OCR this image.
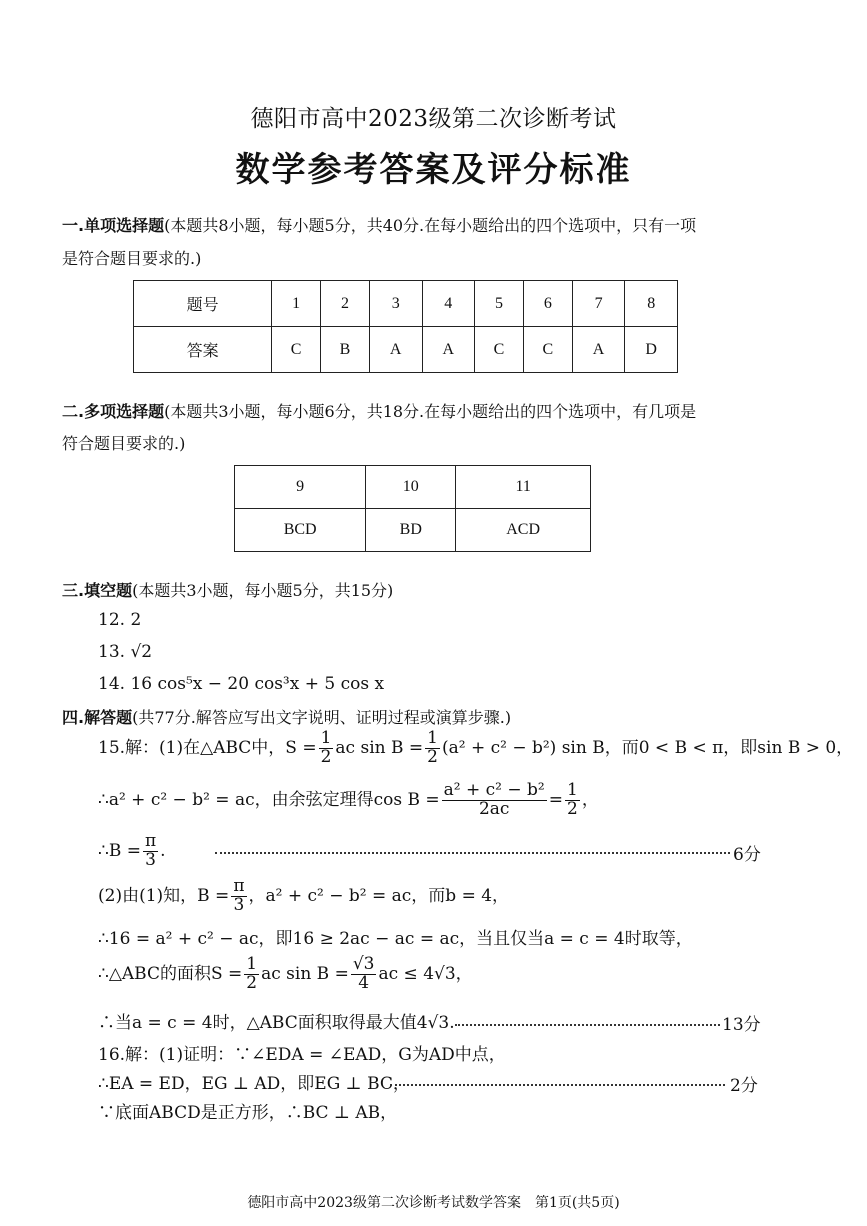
德阳市高中2023级第二次诊断考试
数学参考答案及评分标准
一.单项选择题(本题共8小题，每小题5分，共40分.在每小题给出的四个选项中，只有一项
是符合题目要求的.)
题号	1	2	3	4	5	6	7	8
答案	C	B	A	A	C	C	A	D
二.多项选择题(本题共3小题，每小题6分，共18分.在每小题给出的四个选项中，有几项是
符合题目要求的.)
9	10	11
BCD	BD	ACD
三.填空题(本题共3小题，每小题5分，共15分)
12. 2
13. √2
14. 16 cos⁵x − 20 cos³x + 5 cos x
四.解答题(共77分.解答应写出文字说明、证明过程或演算步骤.)
15.解：(1)在△ABC中，$S = \frac{1}{2}$ ac $\sin B = \frac{1}{2} (a^2 + c^2 - b^2)$ sin B，而0 < B < π，即sin B > 0，
∴a² + c² − b² = ac，由余弦定理得$\cos B = \frac{\text{a² + c² − b²}}{2ac} = \frac{1}{2}$ ，
∴B = $\frac{\pi}{3}$ .	6分
(2)由(1)知，$B = \frac{\pi}{3}$ ，a² + c² − b² = ac，而b = 4，
∴16 = a² + c² − ac，即16 ≥ 2ac − ac = ac，当且仅当a = c = 4时取等，
∴△ABC的面积$S = \frac{1}{2}$ ac $\sin B = \frac{√3}{4}$ ac ≤ 4√3，
∴当a = c = 4时，△ABC面积取得最大值4√3.	13分
16.解：(1)证明：∵∠EDA = ∠EAD，G为AD中点，
∴EA = ED，EG ⊥ AD，即EG ⊥ BC，	2分
∵底面ABCD是正方形，∴BC ⊥ AB，
德阳市高中2023级第二次诊断考试数学答案　第1页(共5页)
